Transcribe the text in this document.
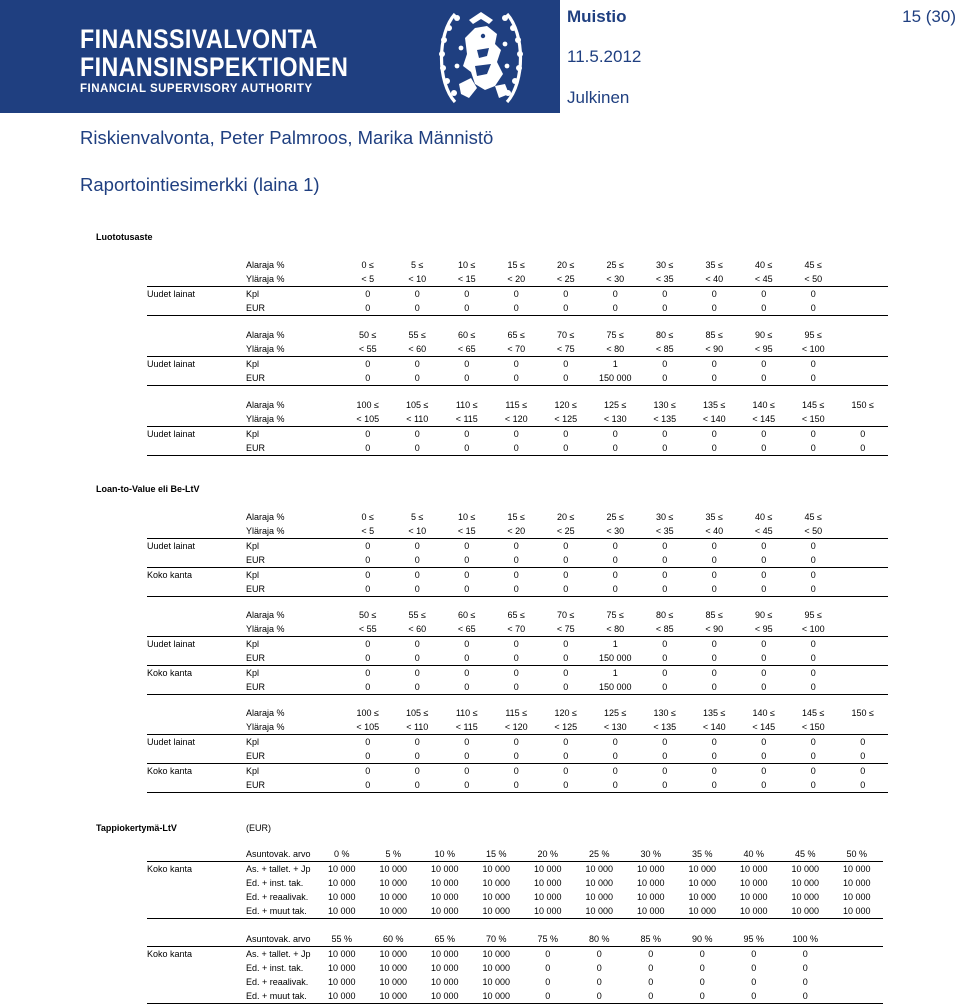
FINANSSIVALVONTA
FINANSINSPEKTIONEN
FINANCIAL SUPERVISORY AUTHORITY
Muistio	15 (30)
11.5.2012
Julkinen
Riskienvalvonta, Peter Palmroos, Marika Männistö
Raportointiesimerkki (laina 1)
Luototusaste
Loan-to-Value eli Be-LtV
Tappiokertymä-LtV	(EUR)
	Alaraja %	0 ≤	5 ≤	10 ≤	15 ≤	20 ≤	25 ≤	30 ≤	35 ≤	40 ≤	45 ≤	
	Yläraja %	< 5	< 10	< 15	< 20	< 25	< 30	< 35	< 40	< 45	< 50	
Uudet lainat	Kpl	0	0	0	0	0	0	0	0	0	0	
	EUR	0	0	0	0	0	0	0	0	0	0	
	Alaraja %	50 ≤	55 ≤	60 ≤	65 ≤	70 ≤	75 ≤	80 ≤	85 ≤	90 ≤	95 ≤	
	Yläraja %	< 55	< 60	< 65	< 70	< 75	< 80	< 85	< 90	< 95	< 100	
Uudet lainat	Kpl	0	0	0	0	0	1	0	0	0	0	
	EUR	0	0	0	0	0	150 000	0	0	0	0	
	Alaraja %	100 ≤	105 ≤	110 ≤	115 ≤	120 ≤	125 ≤	130 ≤	135 ≤	140 ≤	145 ≤	150 ≤
	Yläraja %	< 105	< 110	< 115	< 120	< 125	< 130	< 135	< 140	< 145	< 150	
Uudet lainat	Kpl	0	0	0	0	0	0	0	0	0	0	0
	EUR	0	0	0	0	0	0	0	0	0	0	0
	Alaraja %	0 ≤	5 ≤	10 ≤	15 ≤	20 ≤	25 ≤	30 ≤	35 ≤	40 ≤	45 ≤	
	Yläraja %	< 5	< 10	< 15	< 20	< 25	< 30	< 35	< 40	< 45	< 50	
Uudet lainat	Kpl	0	0	0	0	0	0	0	0	0	0	
	EUR	0	0	0	0	0	0	0	0	0	0	
Koko kanta	Kpl	0	0	0	0	0	0	0	0	0	0	
	EUR	0	0	0	0	0	0	0	0	0	0	
	Alaraja %	50 ≤	55 ≤	60 ≤	65 ≤	70 ≤	75 ≤	80 ≤	85 ≤	90 ≤	95 ≤	
	Yläraja %	< 55	< 60	< 65	< 70	< 75	< 80	< 85	< 90	< 95	< 100	
Uudet lainat	Kpl	0	0	0	0	0	1	0	0	0	0	
	EUR	0	0	0	0	0	150 000	0	0	0	0	
Koko kanta	Kpl	0	0	0	0	0	1	0	0	0	0	
	EUR	0	0	0	0	0	150 000	0	0	0	0	
	Alaraja %	100 ≤	105 ≤	110 ≤	115 ≤	120 ≤	125 ≤	130 ≤	135 ≤	140 ≤	145 ≤	150 ≤
	Yläraja %	< 105	< 110	< 115	< 120	< 125	< 130	< 135	< 140	< 145	< 150	
Uudet lainat	Kpl	0	0	0	0	0	0	0	0	0	0	0
	EUR	0	0	0	0	0	0	0	0	0	0	0
Koko kanta	Kpl	0	0	0	0	0	0	0	0	0	0	0
	EUR	0	0	0	0	0	0	0	0	0	0	0
	Asuntovak. arvo	0 %	5 %	10 %	15 %	20 %	25 %	30 %	35 %	40 %	45 %	50 %
Koko kanta	As. + tallet. + Jp	10 000	10 000	10 000	10 000	10 000	10 000	10 000	10 000	10 000	10 000	10 000
	Ed. + inst. tak.	10 000	10 000	10 000	10 000	10 000	10 000	10 000	10 000	10 000	10 000	10 000
	Ed. + reaalivak.	10 000	10 000	10 000	10 000	10 000	10 000	10 000	10 000	10 000	10 000	10 000
	Ed. + muut tak.	10 000	10 000	10 000	10 000	10 000	10 000	10 000	10 000	10 000	10 000	10 000
	Asuntovak. arvo	55 %	60 %	65 %	70 %	75 %	80 %	85 %	90 %	95 %	100 %	
Koko kanta	As. + tallet. + Jp	10 000	10 000	10 000	10 000	0	0	0	0	0	0	
	Ed. + inst. tak.	10 000	10 000	10 000	10 000	0	0	0	0	0	0	
	Ed. + reaalivak.	10 000	10 000	10 000	10 000	0	0	0	0	0	0	
	Ed. + muut tak.	10 000	10 000	10 000	10 000	0	0	0	0	0	0	
